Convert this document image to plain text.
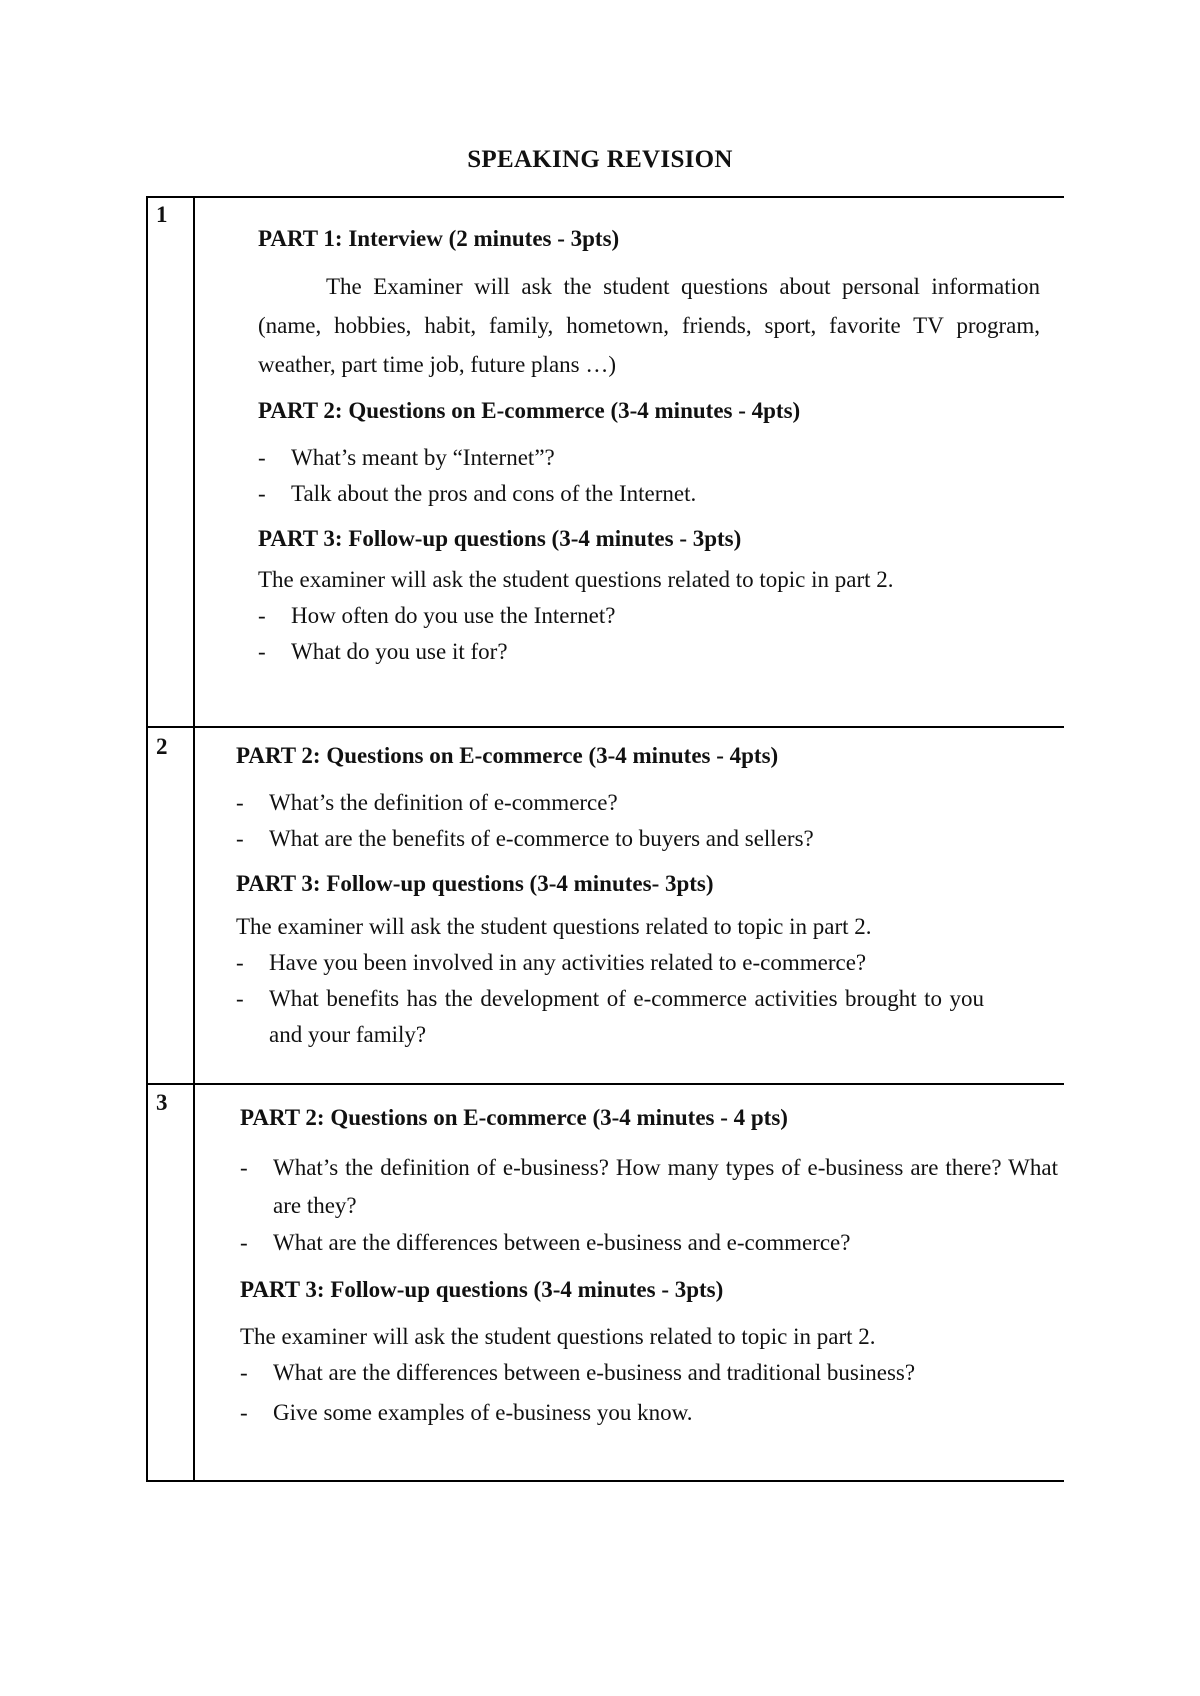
SPEAKING REVISION
1

PART 1: Interview (2 minutes - 3pts)

The Examiner will ask the student questions about personal information (name, hobbies, habit, family, hometown, friends, sport, favorite TV program, weather, part time job, future plans …)

PART 2: Questions on E-commerce (3-4 minutes - 4pts)

- What’s meant by “Internet”?
- Talk about the pros and cons of the Internet.

PART 3: Follow-up questions (3-4 minutes - 3pts)

The examiner will ask the student questions related to topic in part 2.

- How often do you use the Internet?
- What do you use it for?
2	PART 2: Questions on E-commerce (3-4 minutes - 4pts)

- What’s the definition of e-commerce?
- What are the benefits of e-commerce to buyers and sellers?

PART 3: Follow-up questions (3-4 minutes- 3pts)

The examiner will ask the student questions related to topic in part 2.

- Have you been involved in any activities related to e-commerce?
- What benefits has the development of e-commerce activities brought to you and your family?
3

PART 2: Questions on E-commerce (3-4 minutes - 4 pts)

- What’s the definition of e-business? How many types of e-business are there? What are they?
- What are the differences between e-business and e-commerce?

PART 3: Follow-up questions (3-4 minutes - 3pts)

The examiner will ask the student questions related to topic in part 2.

- What are the differences between e-business and traditional business?
- Give some examples of e-business you know.
